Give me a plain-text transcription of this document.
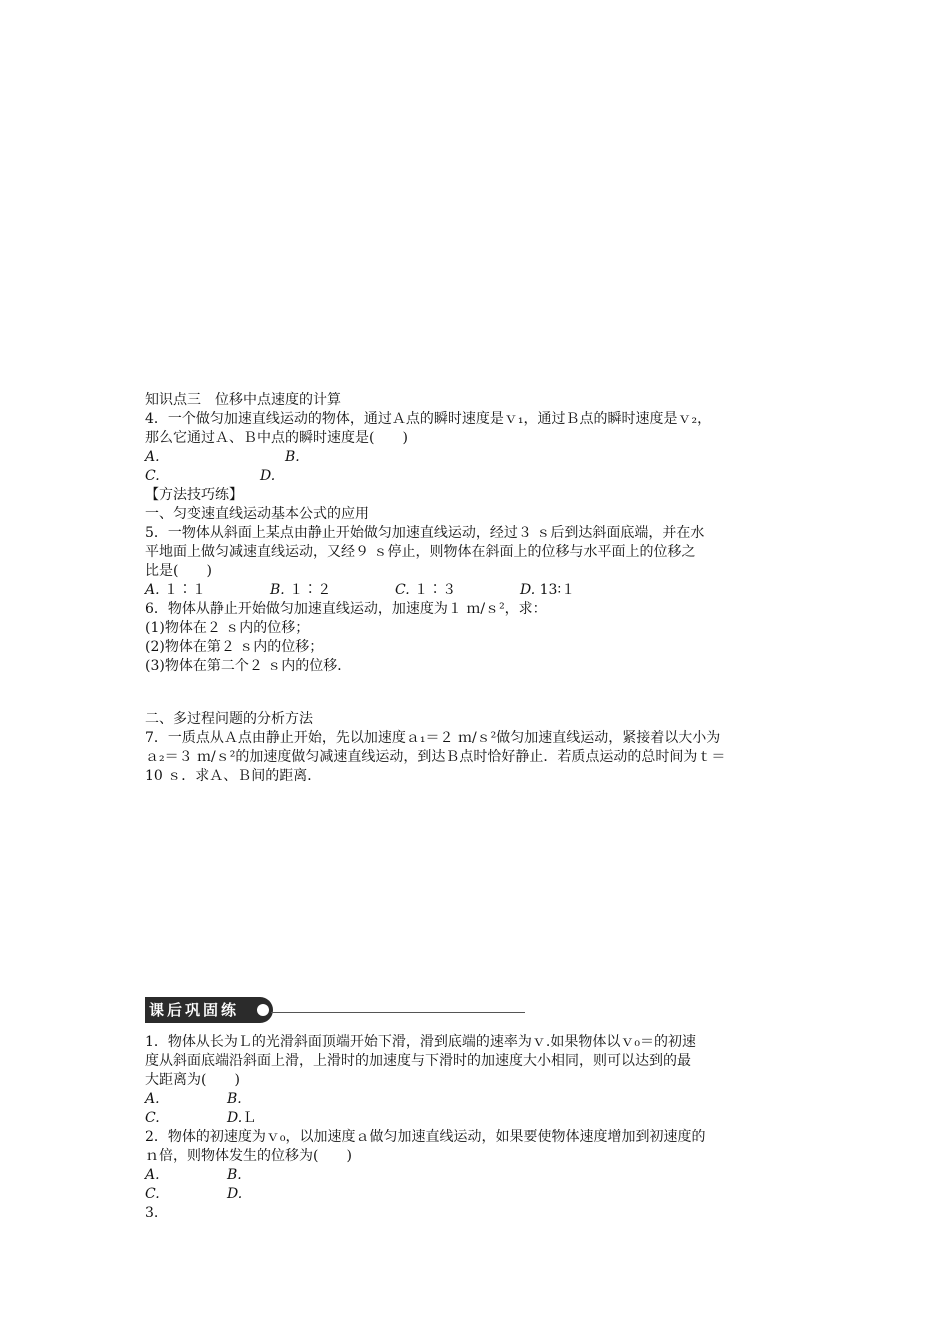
知识点三　位移中点速度的计算
4．一个做匀加速直线运动的物体，通过Ａ点的瞬时速度是ｖ₁，通过Ｂ点的瞬时速度是ｖ₂，
那么它通过Ａ、Ｂ中点的瞬时速度是(　　)
A.	B.
C.	D.
【方法技巧练】
一、匀变速直线运动基本公式的应用
5．一物体从斜面上某点由静止开始做匀加速直线运动，经过３ ｓ后到达斜面底端，并在水
平地面上做匀减速直线运动，又经９ ｓ停止，则物体在斜面上的位移与水平面上的位移之
比是(　　)
A. １∶１	B. １∶２	C. １∶３	D. 13∶１
6．物体从静止开始做匀加速直线运动，加速度为１ ｍ/ｓ²，求：
(1)物体在２ ｓ内的位移；
(2)物体在第２ ｓ内的位移；
(3)物体在第二个２ ｓ内的位移．
二、多过程问题的分析方法
7．一质点从Ａ点由静止开始，先以加速度ａ₁＝２ ｍ/ｓ²做匀加速直线运动，紧接着以大小为
ａ₂＝３ ｍ/ｓ²的加速度做匀减速直线运动，到达Ｂ点时恰好静止．若质点运动的总时间为ｔ＝
10 ｓ．求Ａ、Ｂ间的距离．
课后巩固练
1．物体从长为Ｌ的光滑斜面顶端开始下滑，滑到底端的速率为ｖ.如果物体以ｖ₀＝的初速
度从斜面底端沿斜面上滑，上滑时的加速度与下滑时的加速度大小相同，则可以达到的最
大距离为(　　)
A.	B.
C.	D.Ｌ
2．物体的初速度为ｖ₀，以加速度ａ做匀加速直线运动，如果要使物体速度增加到初速度的
ｎ倍，则物体发生的位移为(　　)
A.	B.
C.	D.
3.
